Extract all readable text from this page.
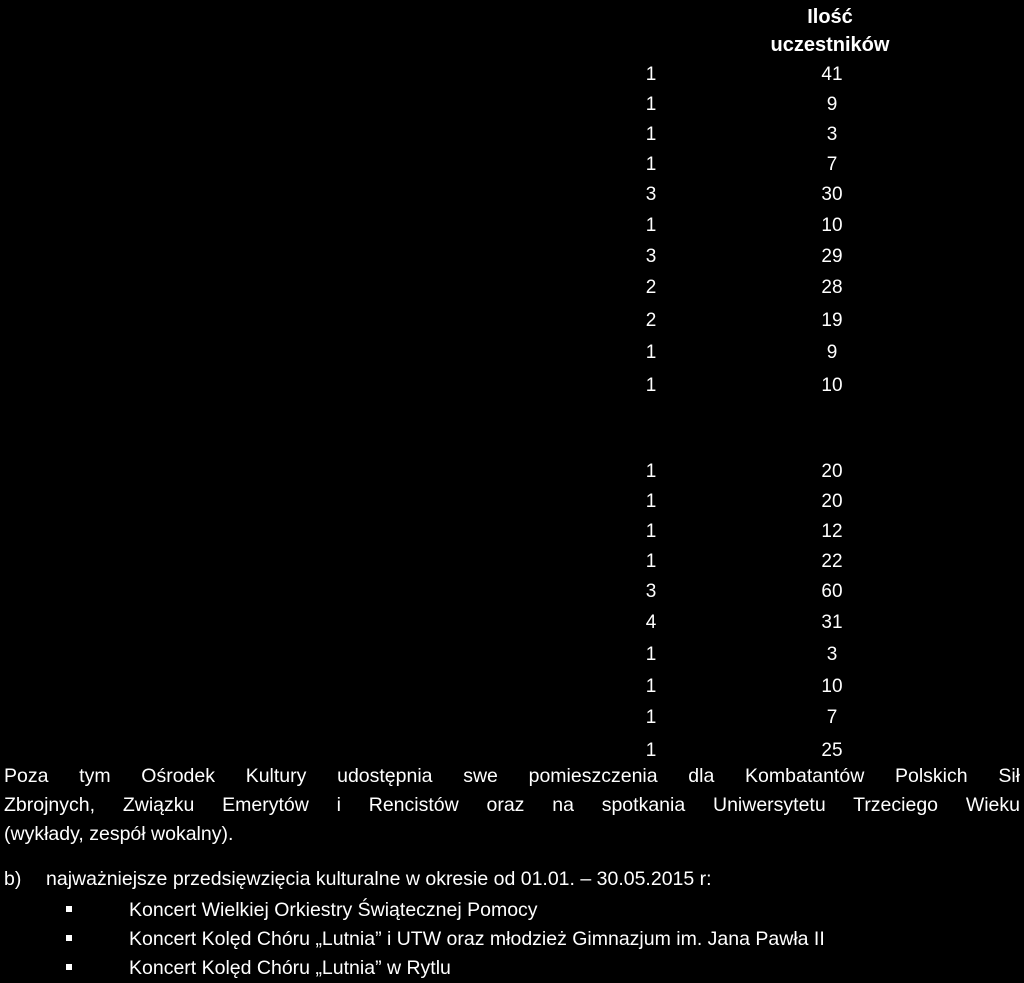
Ilość
uczestników
1	41
1	9
1	3
1	7
3	30
1	10
3	29
2	28
2	19
1	9
1	10
1	20
1	20
1	12
1	22
3	60
4	31
1	3
1	10
1	7
1	25

Poza tym Ośrodek Kultury udostępnia swe pomieszczenia dla Kombatantów Polskich Sił

Zbrojnych, Związku Emerytów i Rencistów oraz na spotkania Uniwersytetu Trzeciego Wieku

(wykłady, zespół wokalny).

b) najważniejsze przedsięwzięcia kulturalne w okresie od 01.01. – 30.05.2015 r:
Koncert Wielkiej Orkiestry Świątecznej Pomocy
Koncert Kolęd Chóru „Lutnia” i UTW oraz młodzież Gimnazjum im. Jana Pawła II
Koncert Kolęd Chóru „Lutnia” w Rytlu
